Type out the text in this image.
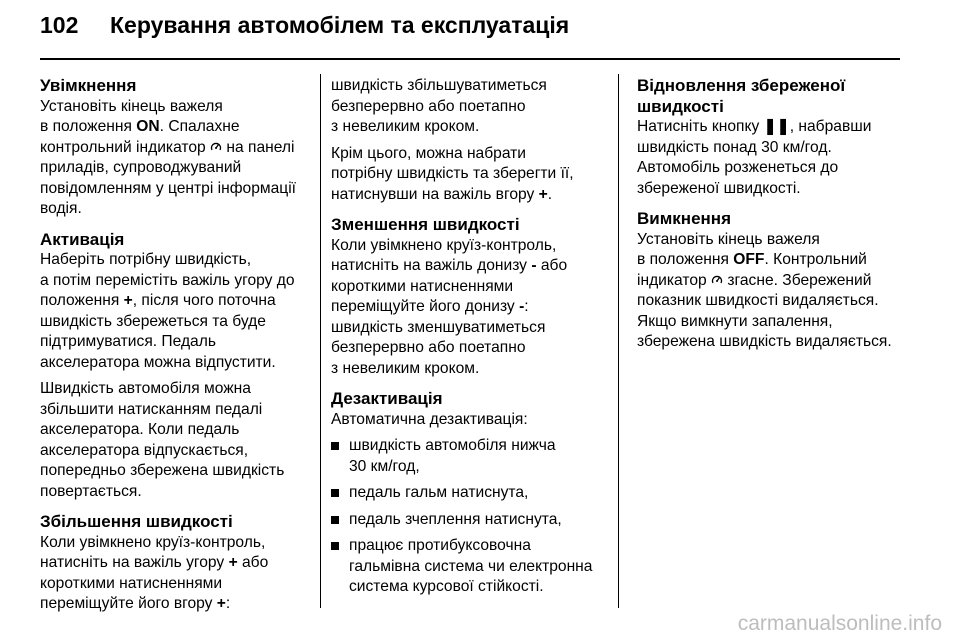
102 Керування автомобілем та експлуатація
Увімкнення
Установіть кінець важеля
в положення ON. Спалахне
контрольний індикатор  на панелі
приладів, супроводжуваний
повідомленням у центрі інформації
водія.
Активація
Наберіть потрібну швидкість,
а потім перемістіть важіль угору до
положення +, після чого поточна
швидкість збережеться та буде
підтримуватися. Педаль
акселератора можна відпустити.
Швидкість автомобіля можна
збільшити натисканням педалі
акселератора. Коли педаль
акселератора відпускається,
попередньо збережена швидкість
повертається.
Збільшення швидкості
Коли увімкнено круїз-контроль,
натисніть на важіль угору + або
короткими натисненнями
переміщуйте його вгору +:
швидкість збільшуватиметься
безперервно або поетапно
з невеликим кроком.
Крім цього, можна набрати
потрібну швидкість та зберегти її,
натиснувши на важіль вгору +.
Зменшення швидкості
Коли увімкнено круїз-контроль,
натисніть на важіль донизу - або
короткими натисненнями
переміщуйте його донизу -:
швидкість зменшуватиметься
безперервно або поетапно
з невеликим кроком.
Дезактивація
Автоматична дезактивація:
швидкість автомобіля нижча
30 км/год,
педаль гальм натиснута,
педаль зчеплення натиснута,
працює протибуксовочна
гальмівна система чи електронна
система курсової стійкості.
Відновлення збереженої
швидкості
Натисніть кнопку ❚❚, набравши
швидкість понад 30 км/год.
Автомобіль розженеться до
збереженої швидкості.
Вимкнення
Установіть кінець важеля
в положення OFF. Контрольний
індикатор  згасне. Збережений
показник швидкості видаляється.
Якщо вимкнути запалення,
збережена швидкість видаляється.
carmanualsonline.info
